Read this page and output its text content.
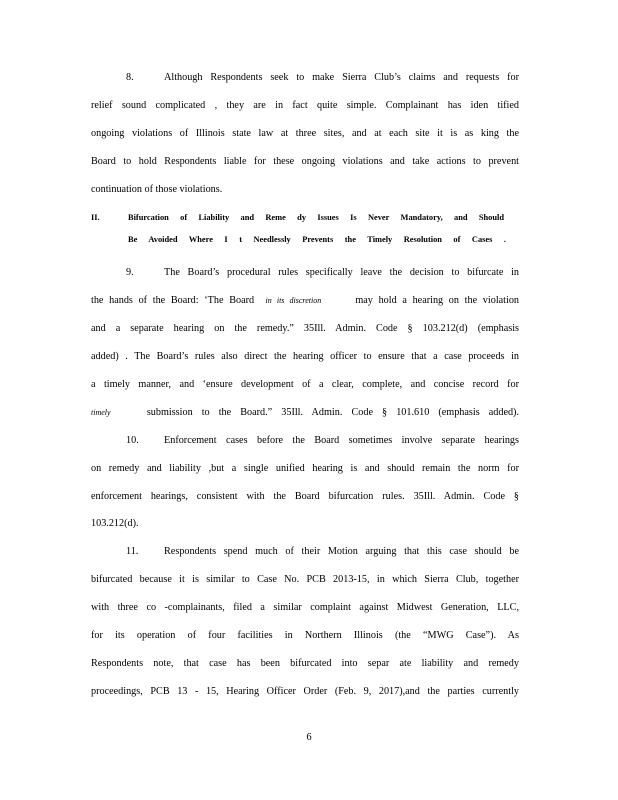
8.	Although Respondents seek to make Sierra Club’s claims and requests for
relief sound complicated , they are in fact quite simple. Complainant has iden tified
ongoing violations of Illinois state law at three sites, and at each site it is as king the
Board to hold Respondents liable for these ongoing violations and take actions to prevent
continuation of those violations.
II.	Bifurcation of Liability and Reme dy Issues Is Never Mandatory, and Should
Be Avoided Where I t Needlessly Prevents the Timely Resolution of Cases .
9.	The Board’s procedural rules specifically leave the decision to bifurcate in
the hands of the Board: ‘The Board in its discretion	may hold a hearing on the violation
and a separate hearing on the remedy.” 35Ill. Admin. Code § 103.212(d) (emphasis
added) . The Board’s rules also direct the hearing officer to ensure that a case proceeds in
a timely manner, and ‘ensure development of a clear, complete, and concise record for
timely	submission to the Board.” 35Ill. Admin. Code § 101.610 (emphasis added).
10. Enforcement cases before the Board sometimes involve separate hearings
on remedy and liability ,but a single unified hearing is and should remain the norm for
enforcement hearings, consistent with the Board bifurcation rules. 35Ill. Admin. Code §
103.212(d).
11.	Respondents spend much of their Motion arguing that this case should be
bifurcated because it is similar to Case No. PCB 2013-15, in which Sierra Club, together
with three co -complainants, filed a similar complaint against Midwest Generation, LLC,
for its operation of four facilities in Northern Illinois (the “MWG Case”). As
Respondents note, that case has been bifurcated into separ ate liability and remedy
proceedings, PCB 13 - 15, Hearing Officer Order (Feb. 9, 2017),and the parties currently
6
